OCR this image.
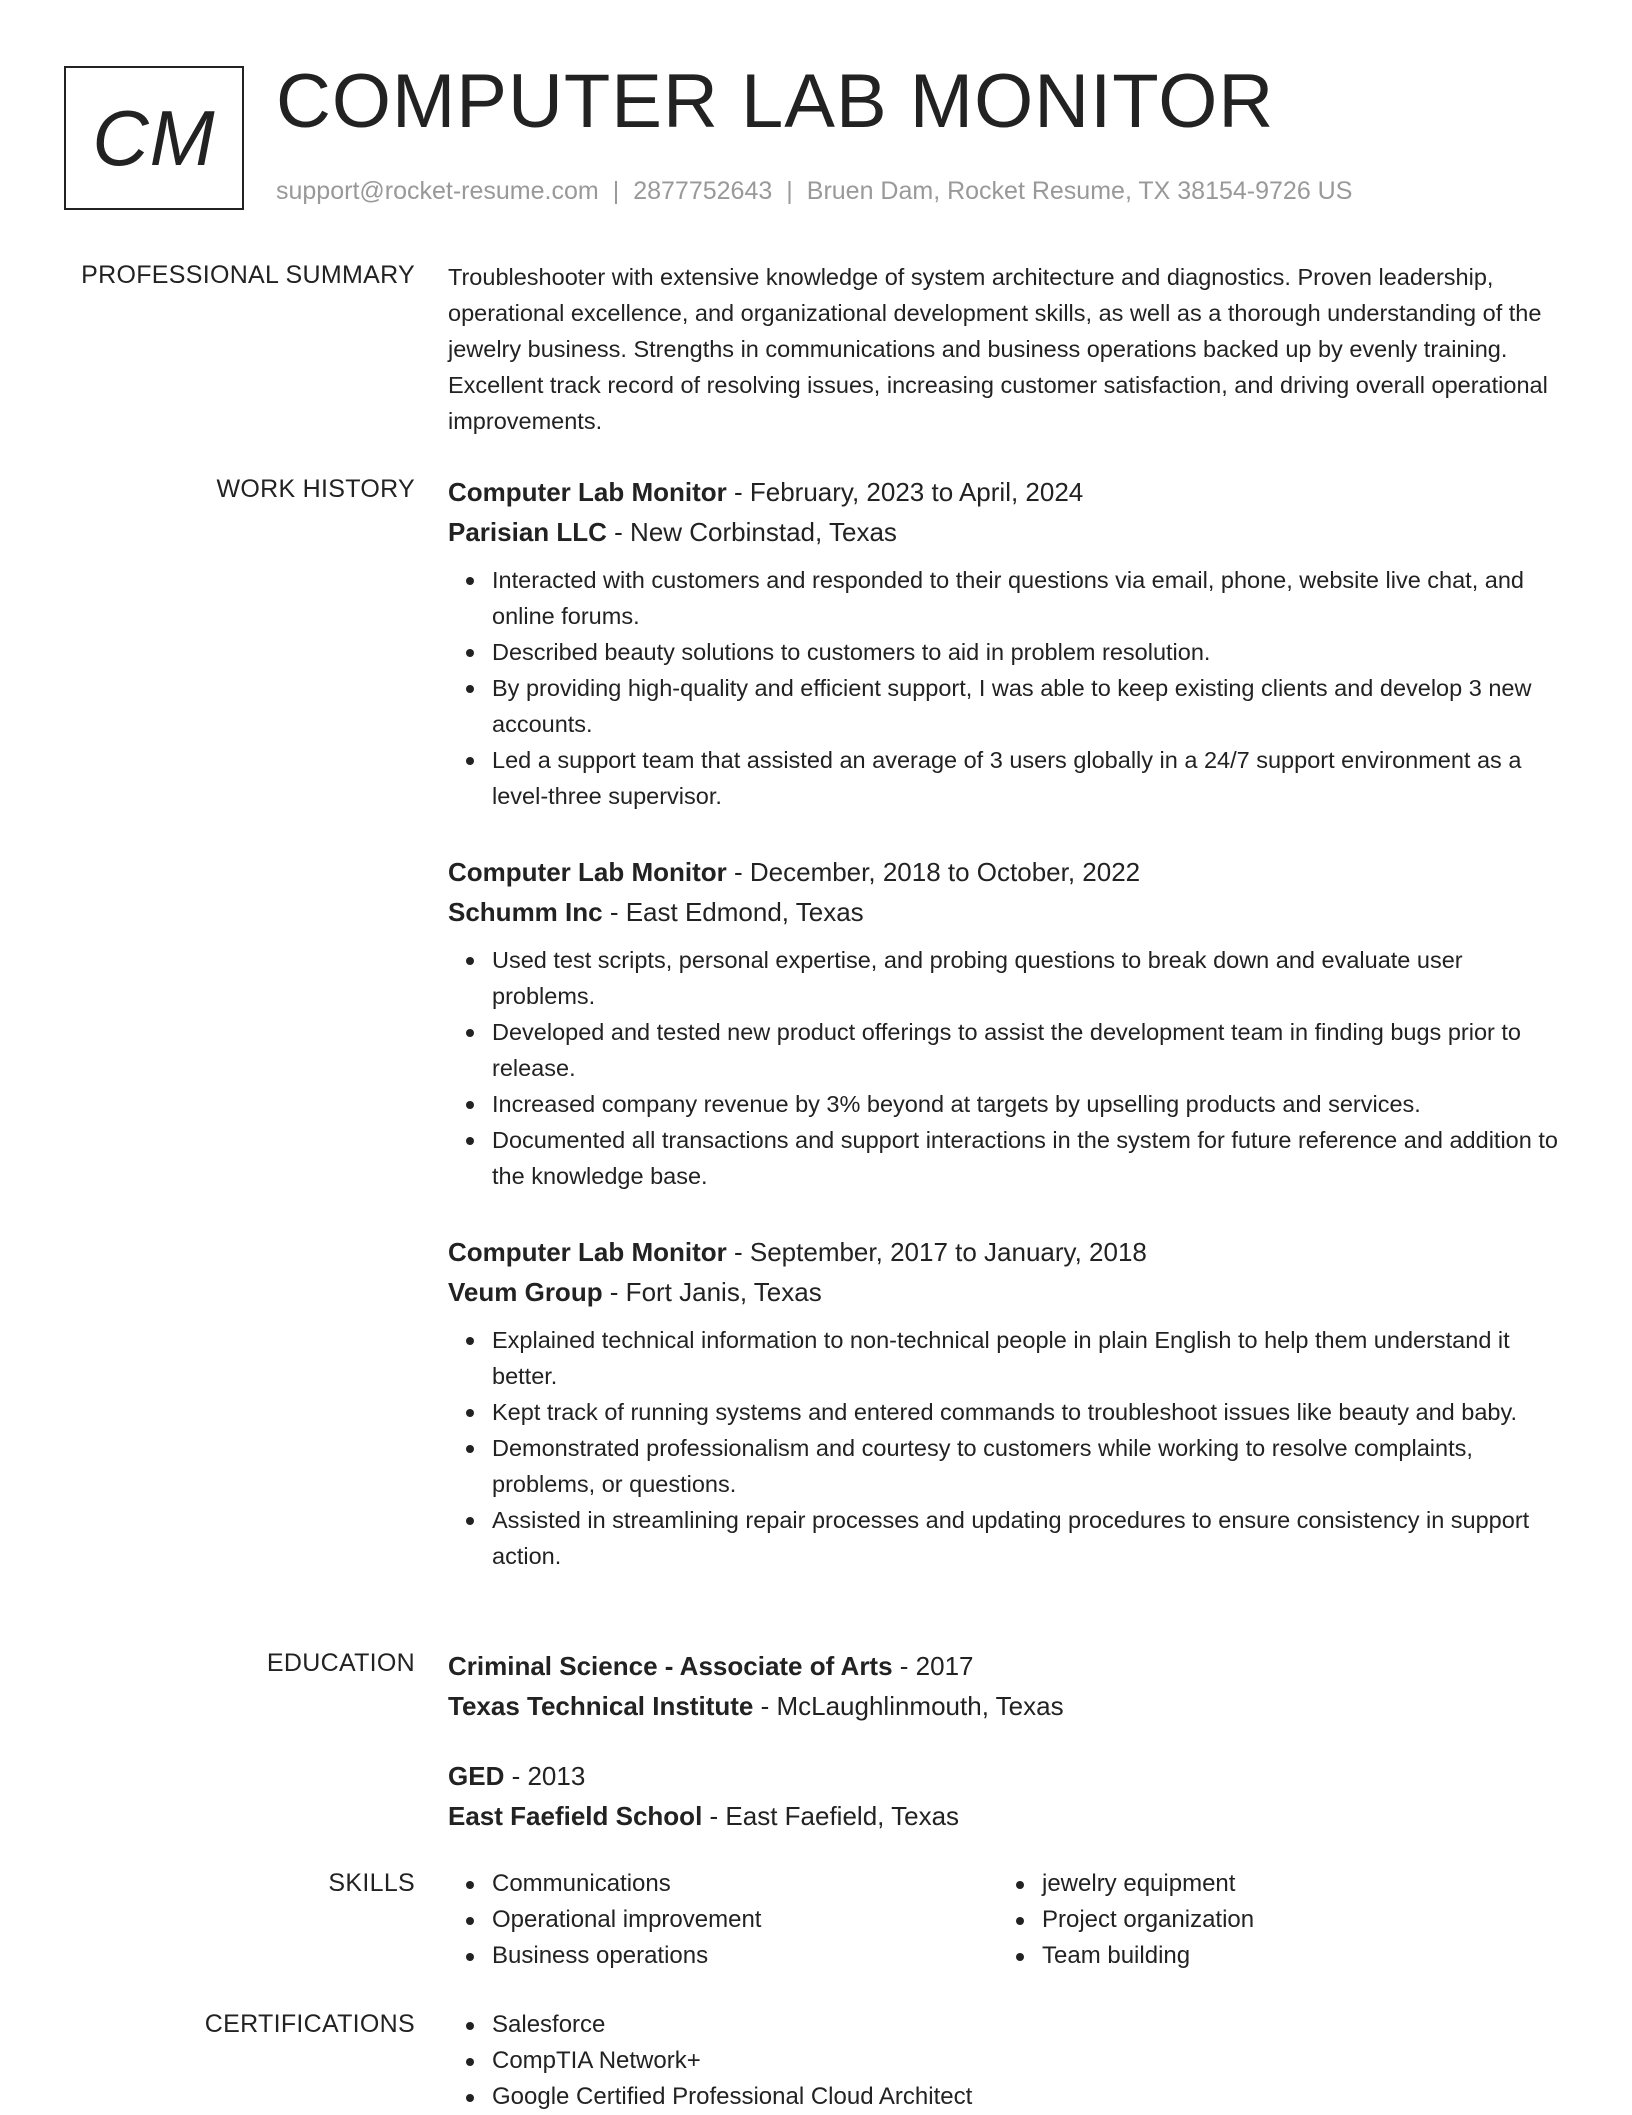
CM COMPUTER LAB MONITOR
support@rocket-resume.com | 2877752643 | Bruen Dam, Rocket Resume, TX 38154-9726 US
PROFESSIONAL SUMMARY Troubleshooter with extensive knowledge of system architecture and diagnostics. Proven leadership, operational excellence, and organizational development skills, as well as a thorough understanding of the jewelry business. Strengths in communications and business operations backed up by evenly training. Excellent track record of resolving issues, increasing customer satisfaction, and driving overall operational improvements.

WORK HISTORY Computer Lab Monitor - February, 2023 to April, 2024
Parisian LLC - New Corbinstad, Texas
Interacted with customers and responded to their questions via email, phone, website live chat, and online forums.
Described beauty solutions to customers to aid in problem resolution.
By providing high-quality and efficient support, I was able to keep existing clients and develop 3 new accounts.
Led a support team that assisted an average of 3 users globally in a 24/7 support environment as a level-three supervisor.
Computer Lab Monitor - December, 2018 to October, 2022
Schumm Inc - East Edmond, Texas
Used test scripts, personal expertise, and probing questions to break down and evaluate user problems.
Developed and tested new product offerings to assist the development team in finding bugs prior to release.
Increased company revenue by 3% beyond at targets by upselling products and services.
Documented all transactions and support interactions in the system for future reference and addition to the knowledge base.
Computer Lab Monitor - September, 2017 to January, 2018
Veum Group - Fort Janis, Texas
Explained technical information to non-technical people in plain English to help them understand it better.
Kept track of running systems and entered commands to troubleshoot issues like beauty and baby.
Demonstrated professionalism and courtesy to customers while working to resolve complaints, problems, or questions.
Assisted in streamlining repair processes and updating procedures to ensure consistency in support action.
EDUCATION Criminal Science - Associate of Arts - 2017
Texas Technical Institute - McLaughlinmouth, Texas
GED - 2013
East Faefield School - East Faefield, Texas
SKILLS	Communications
Operational improvement
Business operations
jewelry equipment
Project organization
Team building
CERTIFICATIONS	Salesforce
CompTIA Network+
Google Certified Professional Cloud Architect
